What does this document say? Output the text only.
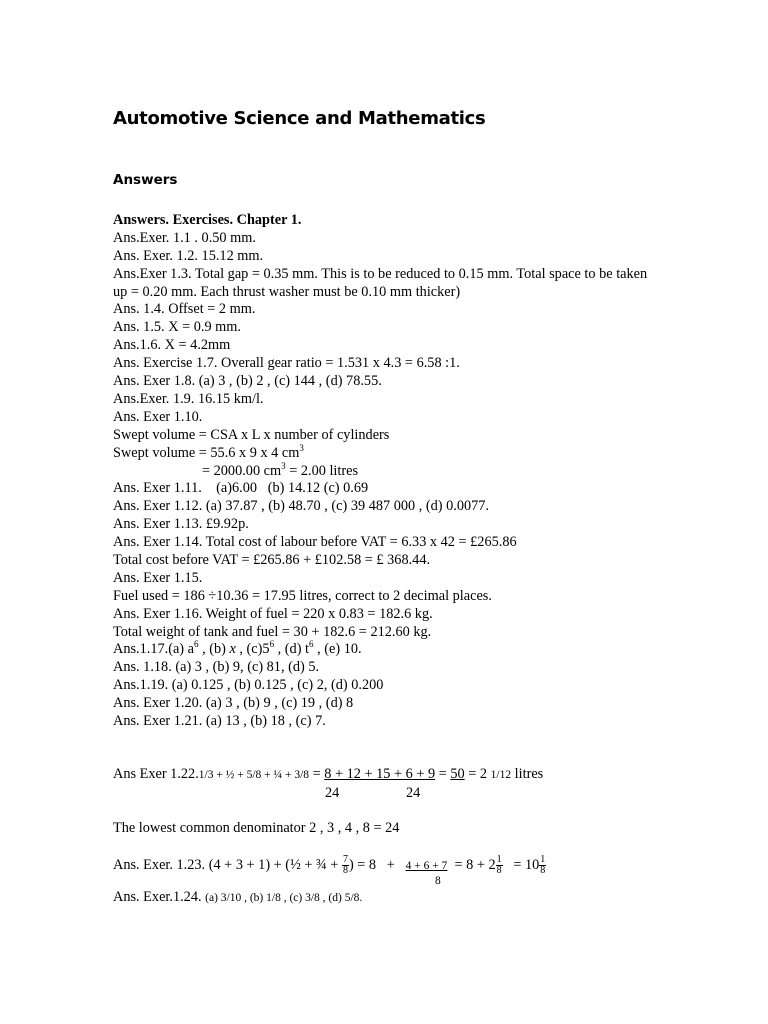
Automotive Science and Mathematics
Answers
Answers. Exercises. Chapter 1.
Ans.Exer. 1.1 . 0.50 mm.
Ans. Exer. 1.2. 15.12 mm.
Ans.Exer 1.3. Total gap = 0.35 mm. This is to be reduced to 0.15 mm. Total space to be taken up = 0.20 mm. Each thrust washer must be 0.10 mm thicker)
Ans. 1.4. Offset = 2 mm.
Ans. 1.5. X = 0.9 mm.
Ans.1.6. X = 4.2mm
Ans. Exercise 1.7. Overall gear ratio = 1.531 x 4.3 = 6.58 :1.
Ans. Exer 1.8. (a) 3 , (b) 2 , (c) 144 , (d) 78.55.
Ans.Exer. 1.9. 16.15 km/l.
Ans. Exer 1.10.
Swept volume = CSA x L x number of cylinders
Swept volume = 55.6 x 9 x 4 $cm^3$
= 2000.00 $cm^3 = 2.00$ litres
Ans. Exer 1.11.    (a)6.00   (b) 14.12 (c) 0.69
Ans. Exer 1.12. (a) 37.87 , (b) 48.70 , (c) 39 487 000 , (d) 0.0077.
Ans. Exer 1.13. £9.92p.
Ans. Exer 1.14. Total cost of labour before VAT = 6.33 x 42 = £265.86
Total cost before VAT = £265.86 + £102.58 = £ 368.44.
Ans. Exer 1.15.
Fuel used = 186 ÷10.36 = 17.95 litres, correct to 2 decimal places.
Ans. Exer 1.16. Weight of fuel = 220 x 0.83 = 182.6 kg.
Total weight of tank and fuel = 30 + 182.6 = 212.60 kg.
Ans.1.17.(a) $a^6$ , (b) x , $(c)5^6$ , (d) $t^6$ , (e) 10.
Ans. 1.18. (a) 3 , (b) 9, (c) 81, (d) 5.
Ans.1.19. (a) 0.125 , (b) 0.125 , (c) 2, (d) 0.200
Ans. Exer 1.20. (a) 3 , (b) 9 , (c) 19 , (d) 8
Ans. Exer 1.21. (a) 13 , (b) 18 , (c) 7.
Ans Exer 1.22.1/3 + ½ + 5/8 + ¼ + 3/8 = 8 + 12 + 15 + 6 + 9 = 50 = 2 1/12 litres
24	24
The lowest common denominator 2 , 3 , 4 , 8 = 24
Ans. Exer. 1.23. (4 + 3 + 1) + (½ + ¾ + $\frac{7}{8}$ ) = $8 + 4 + 6 + 7 = 8 + 2 \frac{1}{8} = 10 \frac{1}{8}$
8
Ans. Exer.1.24. (a) 3/10 , (b) 1/8 , (c) 3/8 , (d) 5/8.
